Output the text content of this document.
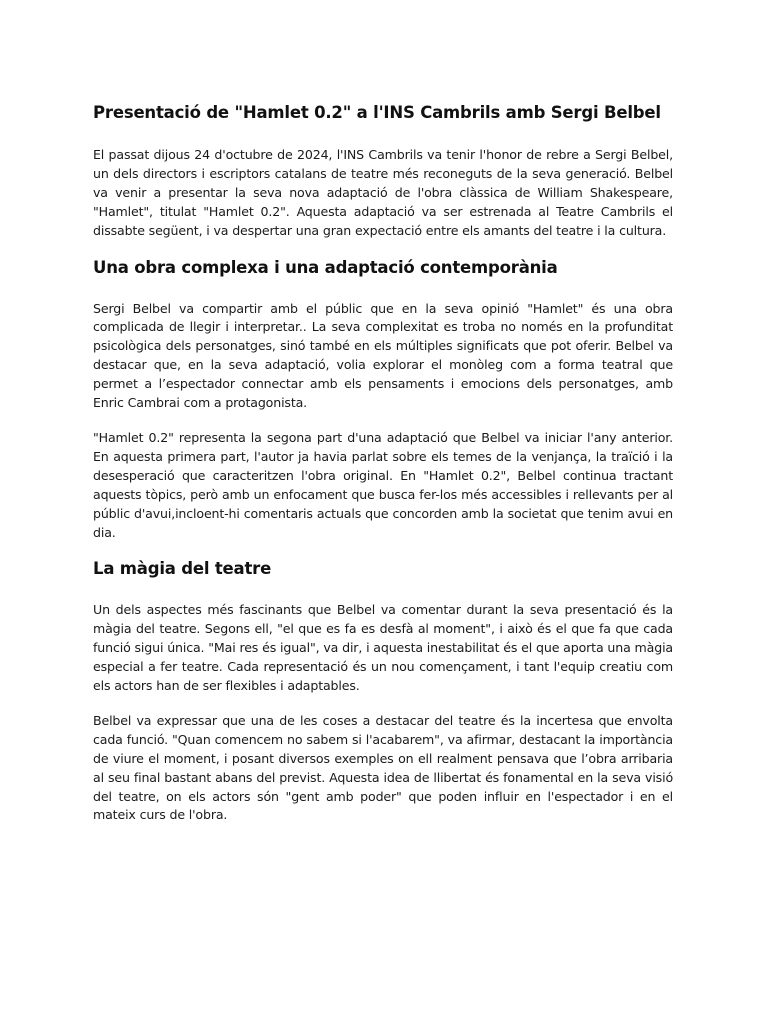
Presentació de "Hamlet 0.2" a l'INS Cambrils amb Sergi Belbel

El passat dijous 24 d'octubre de 2024, l'INS Cambrils va tenir l'honor de rebre a Sergi Belbel, un dels directors i escriptors catalans de teatre més reconeguts de la seva generació. Belbel va venir a presentar la seva nova adaptació de l'obra clàssica de William Shakespeare, "Hamlet", titulat "Hamlet 0.2". Aquesta adaptació va ser estrenada al Teatre Cambrils el dissabte següent, i va despertar una gran expectació entre els amants del teatre i la cultura.

Una obra complexa i una adaptació contemporània

Sergi Belbel va compartir amb el públic que en la seva opinió "Hamlet" és una obra complicada de llegir i interpretar.. La seva complexitat es troba no només en la profunditat psicològica dels personatges, sinó també en els múltiples significats que pot oferir. Belbel va destacar que, en la seva adaptació, volia explorar el monòleg com a forma teatral que permet a l’espectador connectar amb els pensaments i emocions dels personatges, amb Enric Cambrai com a protagonista.

"Hamlet 0.2" representa la segona part d'una adaptació que Belbel va iniciar l'any anterior. En aquesta primera part, l'autor ja havia parlat sobre els temes de la venjança, la traïció i la desesperació que caracteritzen l'obra original. En "Hamlet 0.2", Belbel continua tractant aquests tòpics, però amb un enfocament que busca fer-los més accessibles i rellevants per al públic d'avui,incloent-hi comentaris actuals que concorden amb la societat que tenim avui en dia.

La màgia del teatre

Un dels aspectes més fascinants que Belbel va comentar durant la seva presentació és la màgia del teatre. Segons ell, "el que es fa es desfà al moment", i això és el que fa que cada funció sigui única. "Mai res és igual", va dir, i aquesta inestabilitat és el que aporta una màgia especial a fer teatre. Cada representació és un nou començament, i tant l'equip creatiu com els actors han de ser flexibles i adaptables.

Belbel va expressar que una de les coses a destacar del teatre és la incertesa que envolta cada funció. "Quan comencem no sabem si l'acabarem", va afirmar, destacant la importància de viure el moment, i posant diversos exemples on ell realment pensava que l’obra arribaria al seu final bastant abans del previst. Aquesta idea de llibertat és fonamental en la seva visió del teatre, on els actors són "gent amb poder" que poden influir en l'espectador i en el mateix curs de l'obra.
